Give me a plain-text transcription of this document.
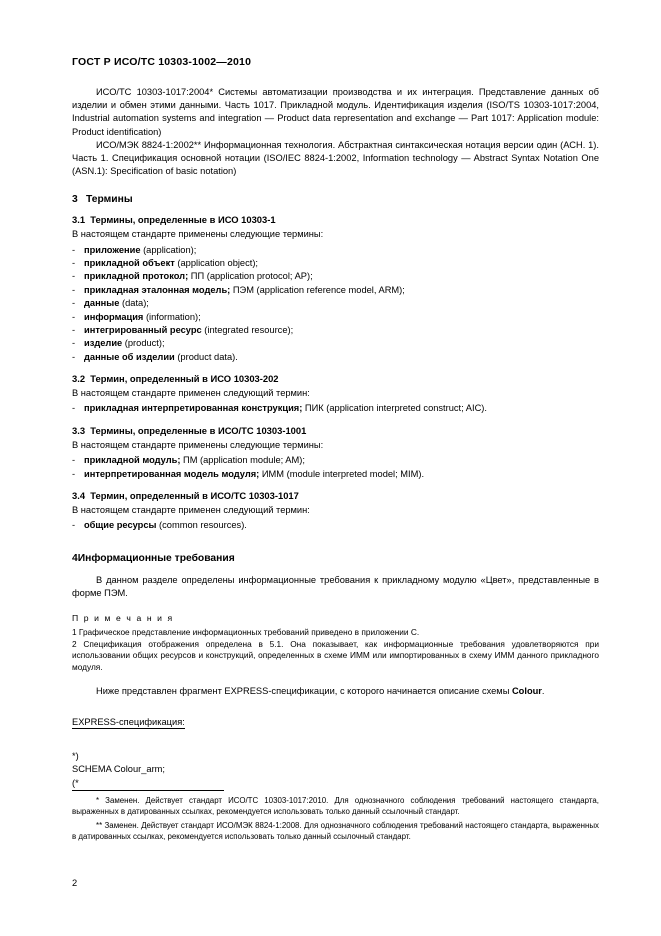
ГОСТ Р ИСО/ТС 10303-1002—2010

ИСО/ТС 10303-1017:2004* Системы автоматизации производства и их интеграция. Представление данных об изделии и обмен этими данными. Часть 1017. Прикладной модуль. Идентификация изделия (ISO/TS 10303-1017:2004, Industrial automation systems and integration — Product data representation and exchange — Part 1017: Application module: Product identification)

ИСО/МЭК 8824-1:2002** Информационная технология. Абстрактная синтаксическая нотация версии один (АСН. 1). Часть 1. Спецификация основной нотации (ISO/IEC 8824-1:2002, Information technology — Abstract Syntax Notation One (ASN.1): Specification of basic notation)

3 Термины
3.1 Термины, определенные в ИСО 10303-1

В настоящем стандарте применены следующие термины:

- приложение (application);
- прикладной объект (application object);
- прикладной протокол; ПП (application protocol; AP);
- прикладная эталонная модель; ПЭМ (application reference model, ARM);
- данные (data);
- информация (information);
- интегрированный ресурс (integrated resource);
- изделие (product);
- данные об изделии (product data).
3.2 Термин, определенный в ИСО 10303-202

В настоящем стандарте применен следующий термин:

- прикладная интерпретированная конструкция; ПИК (application interpreted construct; AIC).
3.3 Термины, определенные в ИСО/ТС 10303-1001

В настоящем стандарте применены следующие термины:

- прикладной модуль; ПМ (application module; AM);
- интерпретированная модель модуля; ИММ (module interpreted model; MIM).
3.4 Термин, определенный в ИСО/ТС 10303-1017

В настоящем стандарте применен следующий термин:

- общие ресурсы (common resources).
4Информационные требования

В данном разделе определены информационные требования к прикладному модулю «Цвет», представленные в форме ПЭМ.

П р и м е ч а н и я

1 Графическое представление информационных требований приведено в приложении С.

2 Спецификация отображения определена в 5.1. Она показывает, как информационные требования удовлетворяются при использовании общих ресурсов и конструкций, определенных в схеме ИММ или импортированных в схему ИММ данного прикладного модуля.

Ниже представлен фрагмент EXPRESS-спецификации, с которого начинается описание схемы Colour.

EXPRESS-спецификация:
*)
SCHEMA Colour_arm;
(*

* Заменен. Действует стандарт ИСО/ТС 10303-1017:2010. Для однозначного соблюдения требований настоящего стандарта, выраженных в датированных ссылках, рекомендуется использовать только данный ссылочный стандарт.

** Заменен. Действует стандарт ИСО/МЭК 8824-1:2008. Для однозначного соблюдения требований настоящего стандарта, выраженных в датированных ссылках, рекомендуется использовать только данный ссылочный стандарт.

2
